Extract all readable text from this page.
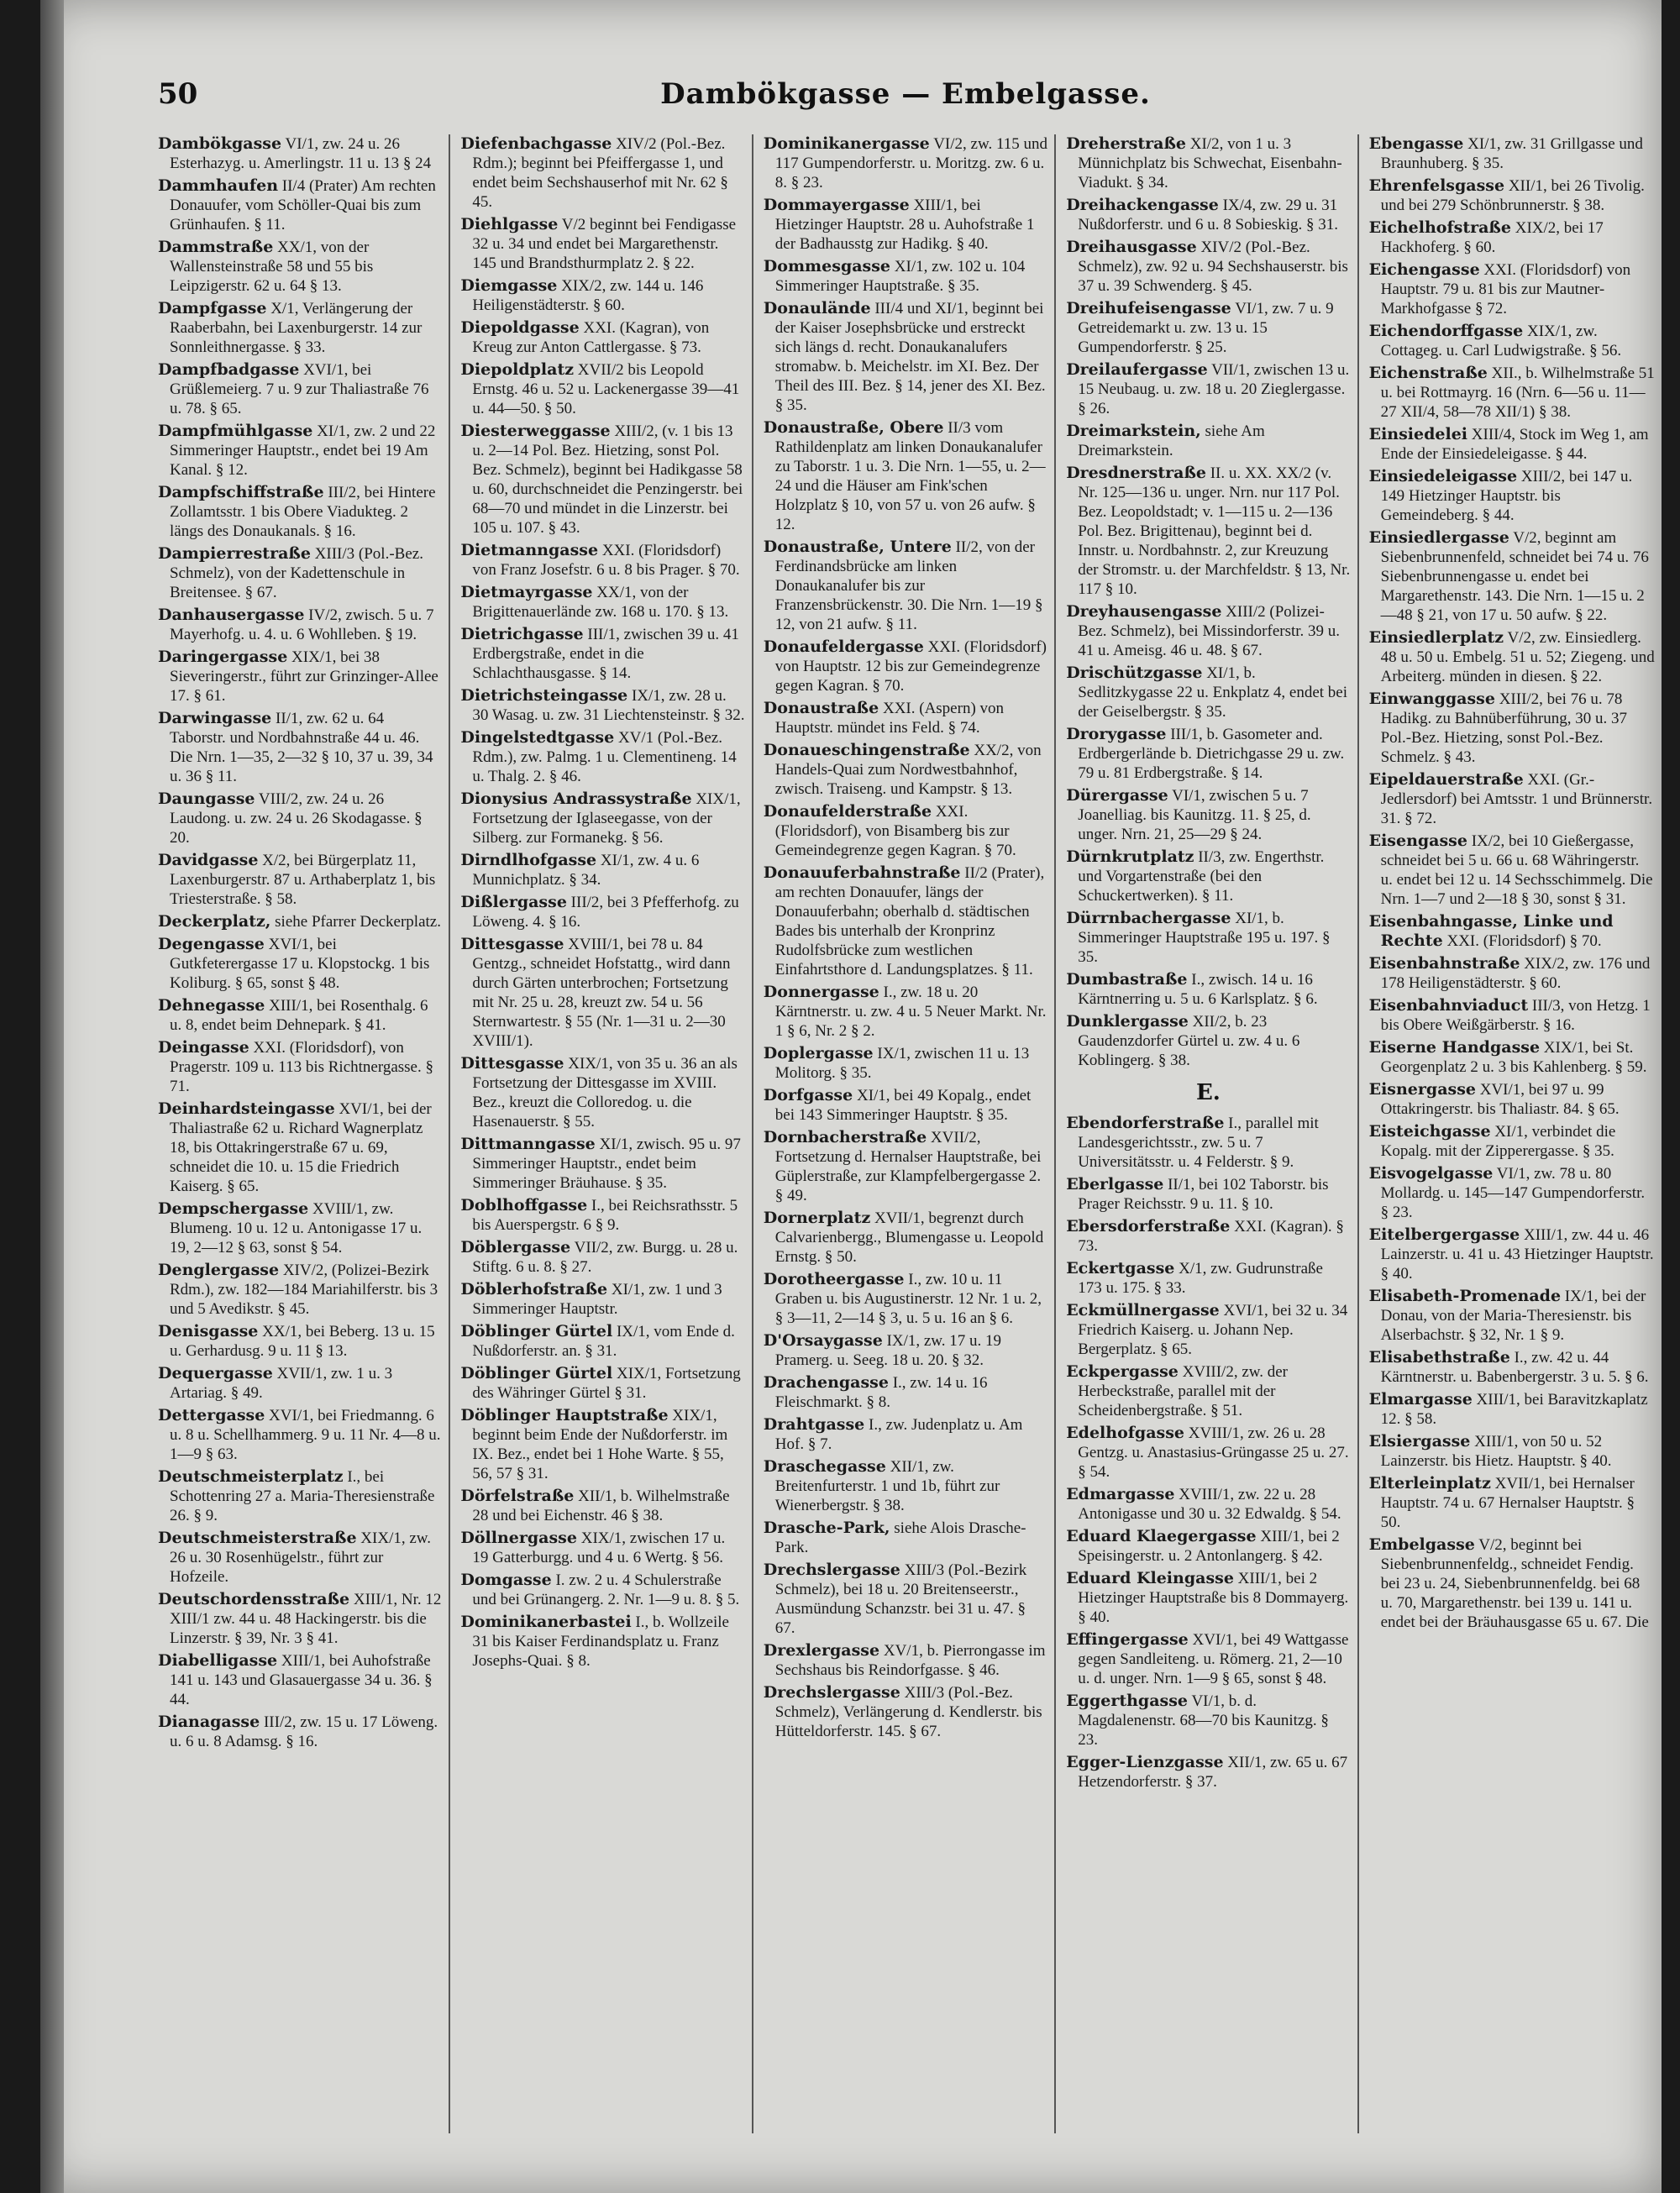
50	Dambökgasse — Embelgasse.
Dambökgasse VI/1, zw. 24 u. 26 Esterhazyg. u. Amerlingstr. 11 u. 13 § 24
Dammhaufen II/4 (Prater) Am rechten Donauufer, vom Schöller-Quai bis zum Grünhaufen. § 11.
Dammstraße XX/1, von der Wallensteinstraße 58 und 55 bis Leipzigerstr. 62 u. 64 § 13.
Dampfgasse X/1, Verlängerung der Raaberbahn, bei Laxenburgerstr. 14 zur Sonnleithnergasse. § 33.
Dampfbadgasse XVI/1, bei Grüßlemeierg. 7 u. 9 zur Thaliastraße 76 u. 78. § 65.
Dampfmühlgasse XI/1, zw. 2 und 22 Simmeringer Hauptstr., endet bei 19 Am Kanal. § 12.
Dampfschiffstraße III/2, bei Hintere Zollamtsstr. 1 bis Obere Viadukteg. 2 längs des Donaukanals. § 16.
Dampierrestraße XIII/3 (Pol.-Bez. Schmelz), von der Kadettenschule in Breitensee. § 67.
Danhausergasse IV/2, zwisch. 5 u. 7 Mayerhofg. u. 4. u. 6 Wohlleben. § 19.
Daringergasse XIX/1, bei 38 Sieveringerstr., führt zur Grinzinger-Allee 17. § 61.
Darwingasse II/1, zw. 62 u. 64 Taborstr. und Nordbahnstraße 44 u. 46. Die Nrn. 1—35, 2—32 § 10, 37 u. 39, 34 u. 36 § 11.
Daungasse VIII/2, zw. 24 u. 26 Laudong. u. zw. 24 u. 26 Skodagasse. § 20.
Davidgasse X/2, bei Bürgerplatz 11, Laxenburgerstr. 87 u. Arthaberplatz 1, bis Triesterstraße. § 58.
Deckerplatz, siehe Pfarrer Deckerplatz.
Degengasse XVI/1, bei Gutkfeterergasse 17 u. Klopstockg. 1 bis Koliburg. § 65, sonst § 48.
Dehnegasse XIII/1, bei Rosenthalg. 6 u. 8, endet beim Dehnepark. § 41.
Deingasse XXI. (Floridsdorf), von Pragerstr. 109 u. 113 bis Richtnergasse. § 71.
Deinhardsteingasse XVI/1, bei der Thaliastraße 62 u. Richard Wagnerplatz 18, bis Ottakringerstraße 67 u. 69, schneidet die 10. u. 15 die Friedrich Kaiserg. § 65.
Dempschergasse XVIII/1, zw. Blumeng. 10 u. 12 u. Antonigasse 17 u. 19, 2—12 § 63, sonst § 54.
Denglergasse XIV/2, (Polizei-Bezirk Rdm.), zw. 182—184 Mariahilferstr. bis 3 und 5 Avedikstr. § 45.
Denisgasse XX/1, bei Beberg. 13 u. 15 u. Gerhardusg. 9 u. 11 § 13.
Dequergasse XVII/1, zw. 1 u. 3 Artariag. § 49.
Dettergasse XVI/1, bei Friedmanng. 6 u. 8 u. Schellhammerg. 9 u. 11 Nr. 4—8 u. 1—9 § 63.
Deutschmeisterplatz I., bei Schottenring 27 a. Maria-Theresienstraße 26. § 9.
Deutschmeisterstraße XIX/1, zw. 26 u. 30 Rosenhügelstr., führt zur Hofzeile.
Deutschordensstraße XIII/1, Nr. 12 XIII/1 zw. 44 u. 48 Hackingerstr. bis die Linzerstr. § 39, Nr. 3 § 41.
Diabelligasse XIII/1, bei Auhofstraße 141 u. 143 und Glasauergasse 34 u. 36. § 44.
Dianagasse III/2, zw. 15 u. 17 Löweng. u. 6 u. 8 Adamsg. § 16.
Diefenbachgasse XIV/2 (Pol.-Bez. Rdm.); beginnt bei Pfeiffergasse 1, und endet beim Sechshauserhof mit Nr. 62 § 45.
Diehlgasse V/2 beginnt bei Fendigasse 32 u. 34 und endet bei Margarethenstr. 145 und Brandsthurmplatz 2. § 22.
Diemgasse XIX/2, zw. 144 u. 146 Heiligenstädterstr. § 60.
Diepoldgasse XXI. (Kagran), von Kreug zur Anton Cattlergasse. § 73.
Diepoldplatz XVII/2 bis Leopold Ernstg. 46 u. 52 u. Lackenergasse 39—41 u. 44—50. § 50.
Diesterweggasse XIII/2, (v. 1 bis 13 u. 2—14 Pol. Bez. Hietzing, sonst Pol. Bez. Schmelz), beginnt bei Hadikgasse 58 u. 60, durchschneidet die Penzingerstr. bei 68—70 und mündet in die Linzerstr. bei 105 u. 107. § 43.
Dietmanngasse XXI. (Floridsdorf) von Franz Josefstr. 6 u. 8 bis Prager. § 70.
Dietmayrgasse XX/1, von der Brigittenauerlände zw. 168 u. 170. § 13.
Dietrichgasse III/1, zwischen 39 u. 41 Erdbergstraße, endet in die Schlachthausgasse. § 14.
Dietrichsteingasse IX/1, zw. 28 u. 30 Wasag. u. zw. 31 Liechtensteinstr. § 32.
Dingelstedtgasse XV/1 (Pol.-Bez. Rdm.), zw. Palmg. 1 u. Clementineng. 14 u. Thalg. 2. § 46.
Dionysius Andrassystraße XIX/1, Fortsetzung der Iglaseegasse, von der Silberg. zur Formanekg. § 56.
Dirndlhofgasse XI/1, zw. 4 u. 6 Munnichplatz. § 34.
Dißlergasse III/2, bei 3 Pfefferhofg. zu Löweng. 4. § 16.
Dittesgasse XVIII/1, bei 78 u. 84 Gentzg., schneidet Hofstattg., wird dann durch Gärten unterbrochen; Fortsetzung mit Nr. 25 u. 28, kreuzt zw. 54 u. 56 Sternwartestr. § 55 (Nr. 1—31 u. 2—30 XVIII/1).
Dittesgasse XIX/1, von 35 u. 36 an als Fortsetzung der Dittesgasse im XVIII. Bez., kreuzt die Colloredog. u. die Hasenauerstr. § 55.
Dittmanngasse XI/1, zwisch. 95 u. 97 Simmeringer Hauptstr., endet beim Simmeringer Bräuhause. § 35.
Doblhoffgasse I., bei Reichsrathsstr. 5 bis Auerspergstr. 6 § 9.
Döblergasse VII/2, zw. Burgg. u. 28 u. Stiftg. 6 u. 8. § 27.
Döblerhofstraße XI/1, zw. 1 und 3 Simmeringer Hauptstr.
Döblinger Gürtel IX/1, vom Ende d. Nußdorferstr. an. § 31.
Döblinger Gürtel XIX/1, Fortsetzung des Währinger Gürtel § 31.
Döblinger Hauptstraße XIX/1, beginnt beim Ende der Nußdorferstr. im IX. Bez., endet bei 1 Hohe Warte. § 55, 56, 57 § 31.
Dörfelstraße XII/1, b. Wilhelmstraße 28 und bei Eichenstr. 46 § 38.
Döllnergasse XIX/1, zwischen 17 u. 19 Gatterburgg. und 4 u. 6 Wertg. § 56.
Domgasse I. zw. 2 u. 4 Schulerstraße und bei Grünangerg. 2. Nr. 1—9 u. 8. § 5.
Dominikanerbastei I., b. Wollzeile 31 bis Kaiser Ferdinandsplatz u. Franz Josephs-Quai. § 8.
Dominikanergasse VI/2, zw. 115 und 117 Gumpendorferstr. u. Moritzg. zw. 6 u. 8. § 23.
Dommayergasse XIII/1, bei Hietzinger Hauptstr. 28 u. Auhofstraße 1 der Badhausstg zur Hadikg. § 40.
Dommesgasse XI/1, zw. 102 u. 104 Simmeringer Hauptstraße. § 35.
Donaulände III/4 und XI/1, beginnt bei der Kaiser Josephsbrücke und erstreckt sich längs d. recht. Donaukanalufers stromabw. b. Meichelstr. im XI. Bez. Der Theil des III. Bez. § 14, jener des XI. Bez. § 35.
Donaustraße, Obere II/3 vom Rathildenplatz am linken Donaukanalufer zu Taborstr. 1 u. 3. Die Nrn. 1—55, u. 2—24 und die Häuser am Fink'schen Holzplatz § 10, von 57 u. von 26 aufw. § 12.
Donaustraße, Untere II/2, von der Ferdinandsbrücke am linken Donaukanalufer bis zur Franzensbrückenstr. 30. Die Nrn. 1—19 § 12, von 21 aufw. § 11.
Donaufeldergasse XXI. (Floridsdorf) von Hauptstr. 12 bis zur Gemeindegrenze gegen Kagran. § 70.
Donaustraße XXI. (Aspern) von Hauptstr. mündet ins Feld. § 74.
Donaueschingenstraße XX/2, von Handels-Quai zum Nordwestbahnhof, zwisch. Traiseng. und Kampstr. § 13.
Donaufelderstraße XXI. (Floridsdorf), von Bisamberg bis zur Gemeindegrenze gegen Kagran. § 70.
Donauuferbahnstraße II/2 (Prater), am rechten Donauufer, längs der Donauuferbahn; oberhalb d. städtischen Bades bis unterhalb der Kronprinz Rudolfsbrücke zum westlichen Einfahrtsthore d. Landungsplatzes. § 11.
Donnergasse I., zw. 18 u. 20 Kärntnerstr. u. zw. 4 u. 5 Neuer Markt. Nr. 1 § 6, Nr. 2 § 2.
Doplergasse IX/1, zwischen 11 u. 13 Molitorg. § 35.
Dorfgasse XI/1, bei 49 Kopalg., endet bei 143 Simmeringer Hauptstr. § 35.
Dornbacherstraße XVII/2, Fortsetzung d. Hernalser Hauptstraße, bei Güplerstraße, zur Klampfelbergergasse 2. § 49.
Dornerplatz XVII/1, begrenzt durch Calvarienbergg., Blumengasse u. Leopold Ernstg. § 50.
Dorotheergasse I., zw. 10 u. 11 Graben u. bis Augustinerstr. 12 Nr. 1 u. 2, § 3—11, 2—14 § 3, u. 5 u. 16 an § 6.
D'Orsaygasse IX/1, zw. 17 u. 19 Pramerg. u. Seeg. 18 u. 20. § 32.
Drachengasse I., zw. 14 u. 16 Fleischmarkt. § 8.
Drahtgasse I., zw. Judenplatz u. Am Hof. § 7.
Draschegasse XII/1, zw. Breitenfurterstr. 1 und 1b, führt zur Wienerbergstr. § 38.
Drasche-Park, siehe Alois Drasche-Park.
Drechslergasse XIII/3 (Pol.-Bezirk Schmelz), bei 18 u. 20 Breitenseerstr., Ausmündung Schanzstr. bei 31 u. 47. § 67.
Drexlergasse XV/1, b. Pierrongasse im Sechshaus bis Reindorfgasse. § 46.
Drechslergasse XIII/3 (Pol.-Bez. Schmelz), Verlängerung d. Kendlerstr. bis Hütteldorferstr. 145. § 67.
Dreherstraße XI/2, von 1 u. 3 Münnichplatz bis Schwechat, Eisenbahn-Viadukt. § 34.
Dreihackengasse IX/4, zw. 29 u. 31 Nußdorferstr. und 6 u. 8 Sobieskig. § 31.
Dreihausgasse XIV/2 (Pol.-Bez. Schmelz), zw. 92 u. 94 Sechshauserstr. bis 37 u. 39 Schwenderg. § 45.
Dreihufeisengasse VI/1, zw. 7 u. 9 Getreidemarkt u. zw. 13 u. 15 Gumpendorferstr. § 25.
Dreilaufergasse VII/1, zwischen 13 u. 15 Neubaug. u. zw. 18 u. 20 Zieglergasse. § 26.
Dreimarkstein, siehe Am Dreimarkstein.
Dresdnerstraße II. u. XX. XX/2 (v. Nr. 125—136 u. unger. Nrn. nur 117 Pol. Bez. Leopoldstadt; v. 1—115 u. 2—136 Pol. Bez. Brigittenau), beginnt bei d. Innstr. u. Nordbahnstr. 2, zur Kreuzung der Stromstr. u. der Marchfeldstr. § 13, Nr. 117 § 10.
Dreyhausengasse XIII/2 (Polizei-Bez. Schmelz), bei Missindorferstr. 39 u. 41 u. Ameisg. 46 u. 48. § 67.
Drischützgasse XI/1, b. Sedlitzkygasse 22 u. Enkplatz 4, endet bei der Geiselbergstr. § 35.
Drorygasse III/1, b. Gasometer and. Erdbergerlände b. Dietrichgasse 29 u. zw. 79 u. 81 Erdbergstraße. § 14.
Dürergasse VI/1, zwischen 5 u. 7 Joanelliag. bis Kaunitzg. 11. § 25, d. unger. Nrn. 21, 25—29 § 24.
Dürnkrutplatz II/3, zw. Engerthstr. und Vorgartenstraße (bei den Schuckertwerken). § 11.
Dürrnbachergasse XI/1, b. Simmeringer Hauptstraße 195 u. 197. § 35.
Dumbastraße I., zwisch. 14 u. 16 Kärntnerring u. 5 u. 6 Karlsplatz. § 6.
Dunklergasse XII/2, b. 23 Gaudenzdorfer Gürtel u. zw. 4 u. 6 Koblingerg. § 38.
E.
Ebendorferstraße I., parallel mit Landesgerichtsstr., zw. 5 u. 7 Universitätsstr. u. 4 Felderstr. § 9.
Eberlgasse II/1, bei 102 Taborstr. bis Prager Reichsstr. 9 u. 11. § 10.
Ebersdorferstraße XXI. (Kagran). § 73.
Eckertgasse X/1, zw. Gudrunstraße 173 u. 175. § 33.
Eckmüllnergasse XVI/1, bei 32 u. 34 Friedrich Kaiserg. u. Johann Nep. Bergerplatz. § 65.
Eckpergasse XVIII/2, zw. der Herbeckstraße, parallel mit der Scheidenbergstraße. § 51.
Edelhofgasse XVIII/1, zw. 26 u. 28 Gentzg. u. Anastasius-Grüngasse 25 u. 27. § 54.
Edmargasse XVIII/1, zw. 22 u. 28 Antonigasse und 30 u. 32 Edwaldg. § 54.
Eduard Klaegergasse XIII/1, bei 2 Speisingerstr. u. 2 Antonlangerg. § 42.
Eduard Kleingasse XIII/1, bei 2 Hietzinger Hauptstraße bis 8 Dommayerg. § 40.
Effingergasse XVI/1, bei 49 Wattgasse gegen Sandleiteng. u. Römerg. 21, 2—10 u. d. unger. Nrn. 1—9 § 65, sonst § 48.
Eggerthgasse VI/1, b. d. Magdalenenstr. 68—70 bis Kaunitzg. § 23.
Egger-Lienzgasse XII/1, zw. 65 u. 67 Hetzendorferstr. § 37.
Ebengasse XI/1, zw. 31 Grillgasse und Braunhuberg. § 35.
Ehrenfelsgasse XII/1, bei 26 Tivolig. und bei 279 Schönbrunnerstr. § 38.
Eichelhofstraße XIX/2, bei 17 Hackhoferg. § 60.
Eichengasse XXI. (Floridsdorf) von Hauptstr. 79 u. 81 bis zur Mautner-Markhofgasse § 72.
Eichendorffgasse XIX/1, zw. Cottageg. u. Carl Ludwigstraße. § 56.
Eichenstraße XII., b. Wilhelmstraße 51 u. bei Rottmayrg. 16 (Nrn. 6—56 u. 11—27 XII/4, 58—78 XII/1) § 38.
Einsiedelei XIII/4, Stock im Weg 1, am Ende der Einsiedeleigasse. § 44.
Einsiedeleigasse XIII/2, bei 147 u. 149 Hietzinger Hauptstr. bis Gemeindeberg. § 44.
Einsiedlergasse V/2, beginnt am Siebenbrunnenfeld, schneidet bei 74 u. 76 Siebenbrunnengasse u. endet bei Margarethenstr. 143. Die Nrn. 1—15 u. 2—48 § 21, von 17 u. 50 aufw. § 22.
Einsiedlerplatz V/2, zw. Einsiedlerg. 48 u. 50 u. Embelg. 51 u. 52; Ziegeng. und Arbeiterg. münden in diesen. § 22.
Einwanggasse XIII/2, bei 76 u. 78 Hadikg. zu Bahnüberführung, 30 u. 37 Pol.-Bez. Hietzing, sonst Pol.-Bez. Schmelz. § 43.
Eipeldauerstraße XXI. (Gr.-Jedlersdorf) bei Amtsstr. 1 und Brünnerstr. 31. § 72.
Eisengasse IX/2, bei 10 Gießergasse, schneidet bei 5 u. 66 u. 68 Währingerstr. u. endet bei 12 u. 14 Sechsschimmelg. Die Nrn. 1—7 und 2—18 § 30, sonst § 31.
Eisenbahngasse, Linke und Rechte XXI. (Floridsdorf) § 70.
Eisenbahnstraße XIX/2, zw. 176 und 178 Heiligenstädterstr. § 60.
Eisenbahnviaduct III/3, von Hetzg. 1 bis Obere Weißgärberstr. § 16.
Eiserne Handgasse XIX/1, bei St. Georgenplatz 2 u. 3 bis Kahlenberg. § 59.
Eisnergasse XVI/1, bei 97 u. 99 Ottakringerstr. bis Thaliastr. 84. § 65.
Eisteichgasse XI/1, verbindet die Kopalg. mit der Zipperergasse. § 35.
Eisvogelgasse VI/1, zw. 78 u. 80 Mollardg. u. 145—147 Gumpendorferstr. § 23.
Eitelbergergasse XIII/1, zw. 44 u. 46 Lainzerstr. u. 41 u. 43 Hietzinger Hauptstr. § 40.
Elisabeth-Promenade IX/1, bei der Donau, von der Maria-Theresienstr. bis Alserbachstr. § 32, Nr. 1 § 9.
Elisabethstraße I., zw. 42 u. 44 Kärntnerstr. u. Babenbergerstr. 3 u. 5. § 6.
Elmargasse XIII/1, bei Baravitzkaplatz 12. § 58.
Elsiergasse XIII/1, von 50 u. 52 Lainzerstr. bis Hietz. Hauptstr. § 40.
Elterleinplatz XVII/1, bei Hernalser Hauptstr. 74 u. 67 Hernalser Hauptstr. § 50.
Embelgasse V/2, beginnt bei Siebenbrunnenfeldg., schneidet Fendig. bei 23 u. 24, Siebenbrunnenfeldg. bei 68 u. 70, Margarethenstr. bei 139 u. 141 u. endet bei der Bräuhausgasse 65 u. 67. Die
